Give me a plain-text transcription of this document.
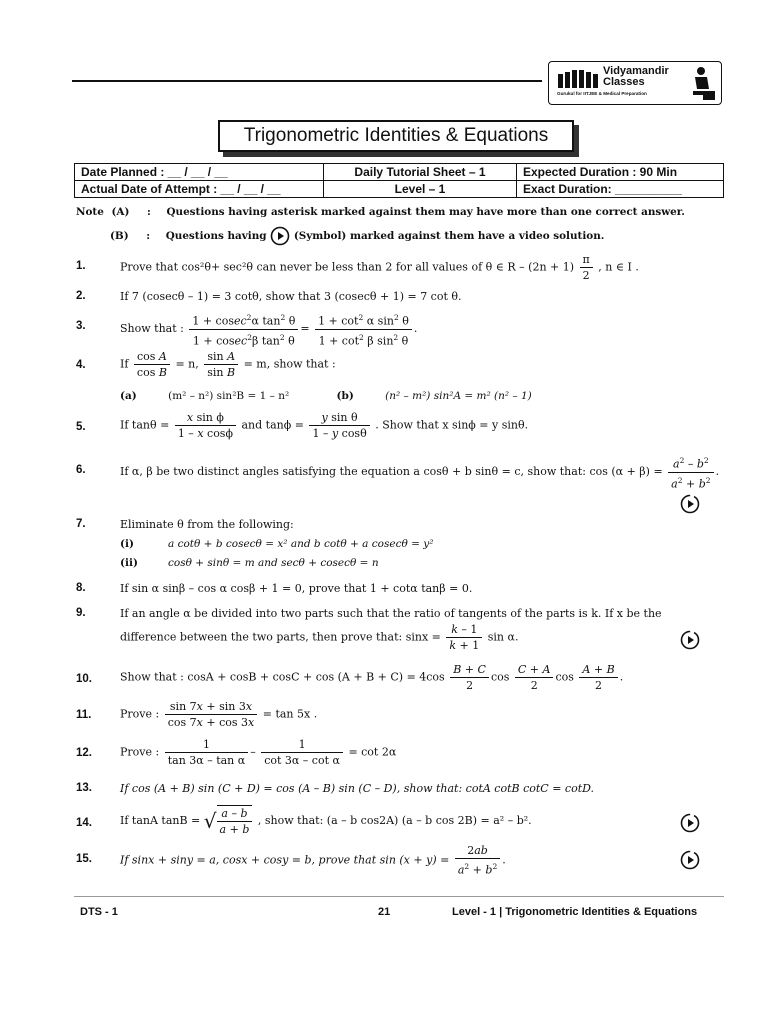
Vidyamandir
Classes
Gurukul for IITJEE & Medical Preparation
Trigonometric Identities & Equations
Date Planned : __ / __ / __	Daily Tutorial Sheet – 1	Expected Duration : 90 Min
Actual Date of Attempt : __ / __ / __	Level – 1	Exact Duration: __________
Note (A) : Questions having asterisk marked against them may have more than one correct answer.
(B) : Questions having	(Symbol) marked against them have a video solution.
1.
2.
3.
4.
5.
6.
7.
8.
9.
10.
11.
12.
13.
14.
15.
Prove that cos²θ+ sec²θ can never be less than 2 for all values of θ ∈ $R - (2n + 1) \frac{\pi}{2}$ , n ∈ I .
If 7 (cosecθ – 1) = 3 cotθ, show that 3 (cosecθ + 1) = 7 cot θ.
Show that : $\frac{1 + cosec^2\alpha \tan^2 \theta}{1 + cosec^2\beta \tan^2 \theta} = \frac{1 + \cot^2 \alpha \sin^2 \theta}{1 + \cot^2 \beta \sin^2 \theta}$ .
If $\frac{\text{cos A}}{\text{cos B}} = n$, $\frac{\text{sin A}}{\text{sin B}} = m$, show that :
(a)	(m² – n²) sin²B = 1 – n²	(b)	(n² – m²) sin²A = m² (n² – 1)
If $\tan\theta = \frac{\text{x sin ϕ}}{\text{1 – x cosϕ}}$ and $\tan\phi = \frac{\text{y sin θ}}{\text{1 – y cosθ}}$ . Show that x sinϕ = y sinθ.
If α, β be two distinct angles satisfying the equation a cosθ + b sinθ = c, show that: $\cos (\alpha + \beta) = \frac{a^2 - b^2}{a^2 + b^2}$ .
Eliminate θ from the following:
(i)	a cotθ + b cosecθ = x² and b cotθ + a cosecθ = y²
(ii)	cosθ + sinθ = m and secθ + cosecθ = n
If sin α sinβ – cos α cosβ + 1 = 0, prove that 1 + cotα tanβ = 0.
If an angle α be divided into two parts such that the ratio of tangents of the parts is k. If x be the
difference between the two parts, then prove that: $\sin x = \frac{k - 1}{k + 1}$ sin α.
Show that : $\cos A + \cos B + \cos C + \cos (A + B + C) = 4\cos \frac{B + C}{2}$ $\cos \frac{C + A}{2}$ $\cos \frac{A + B}{2}$ .
Prove : $\frac{\sin 7x + \sin 3x}{\cos 7x + \cos 3x} = \tan 5x$ .
Prove : $\frac{1}{\text{tan 3α – tan α}} - \frac{1}{\text{cot 3α – cot α}} = \cot 2\alpha$
If cos (A + B) sin (C + D) = cos (A – B) sin (C – D), show that: cotA cotB cotC = cotD.
If tanA tanB = √ $\frac{a - b}{a + b}$ , show that: (a – b cos2A) (a – b cos 2B) = a² – b².
If sinx + siny = a, cosx + cosy = b, prove that $\sin (x + y) = \frac{2ab}{a^2 + b^2}$ .
DTS - 1	21	Level - 1 | Trigonometric Identities & Equations
